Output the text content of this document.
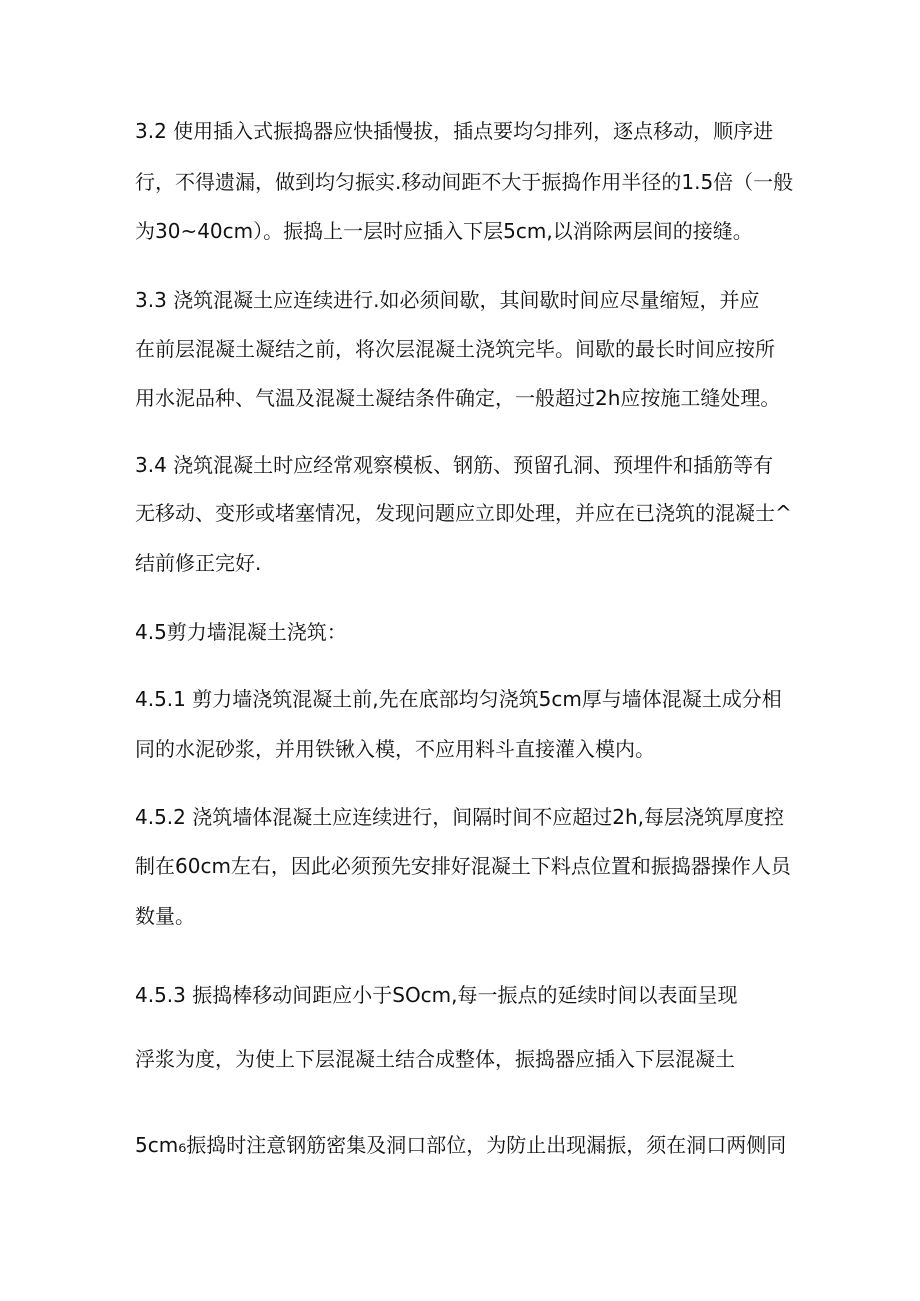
3.2 使用插入式振捣器应快插慢拔，插点要均匀排列，逐点移动，顺序进
行，不得遗漏，做到均匀振实.移动间距不大于振捣作用半径的1.5倍（一般
为30~40cm）。振捣上一层时应插入下层5cm,以消除两层间的接缝。
3.3 浇筑混凝土应连续进行.如必须间歇，其间歇时间应尽量缩短，并应
在前层混凝土凝结之前，将次层混凝土浇筑完毕。间歇的最长时间应按所
用水泥品种、气温及混凝土凝结条件确定，一般超过2h应按施工缝处理。
3.4 浇筑混凝土时应经常观察模板、钢筋、预留孔洞、预埋件和插筋等有
无移动、变形或堵塞情况，发现问题应立即处理，并应在已浇筑的混凝士^
结前修正完好.
4.5剪力墙混凝土浇筑：
4.5.1 剪力墙浇筑混凝土前,先在底部均匀浇筑5cm厚与墙体混凝土成分相
同的水泥砂浆，并用铁锹入模，不应用料斗直接灌入模内。
4.5.2 浇筑墙体混凝土应连续进行，间隔时间不应超过2h,每层浇筑厚度控
制在60cm左右，因此必须预先安排好混凝土下料点位置和振捣器操作人员
数量。
4.5.3 振捣棒移动间距应小于SOcm,每一振点的延续时间以表面呈现
浮浆为度，为使上下层混凝土结合成整体，振捣器应插入下层混凝土
5cm₆振捣时注意钢筋密集及洞口部位，为防止出现漏振，须在洞口两侧同
